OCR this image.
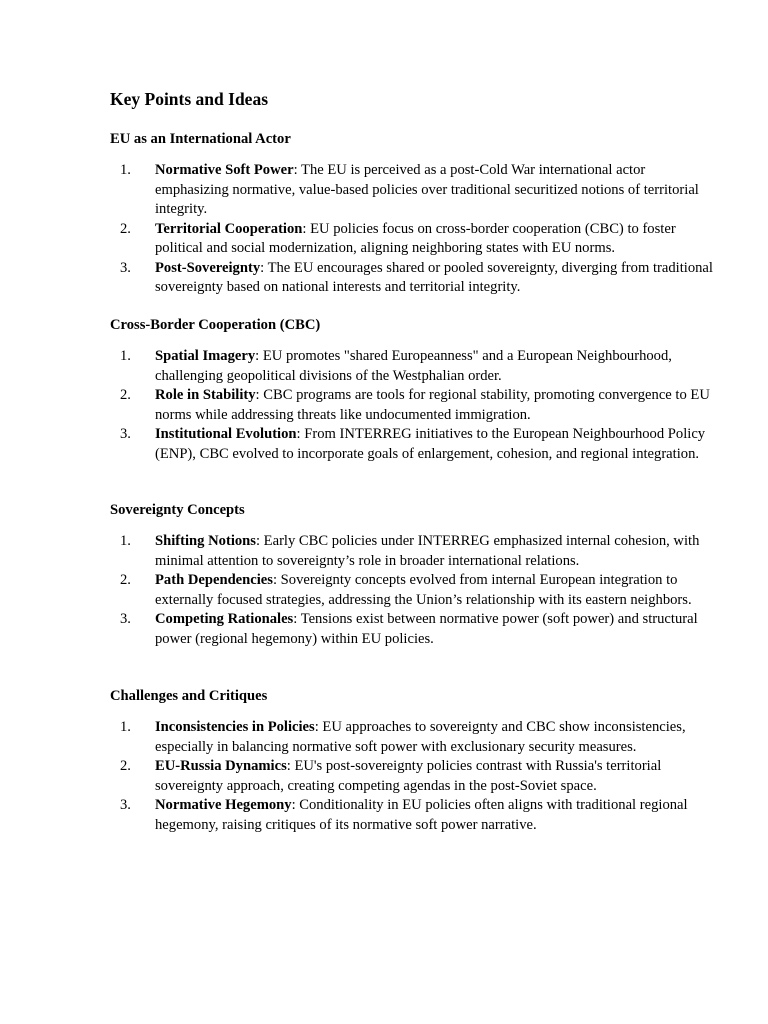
Key Points and Ideas
EU as an International Actor
1. Normative Soft Power: The EU is perceived as a post-Cold War international actor emphasizing normative, value-based policies over traditional securitized notions of territorial integrity.
2. Territorial Cooperation: EU policies focus on cross-border cooperation (CBC) to foster political and social modernization, aligning neighboring states with EU norms.
3. Post-Sovereignty: The EU encourages shared or pooled sovereignty, diverging from traditional sovereignty based on national interests and territorial integrity.
Cross-Border Cooperation (CBC)
1. Spatial Imagery: EU promotes "shared Europeanness" and a European Neighbourhood, challenging geopolitical divisions of the Westphalian order.
2. Role in Stability: CBC programs are tools for regional stability, promoting convergence to EU norms while addressing threats like undocumented immigration.
3. Institutional Evolution: From INTERREG initiatives to the European Neighbourhood Policy (ENP), CBC evolved to incorporate goals of enlargement, cohesion, and regional integration.
Sovereignty Concepts
1. Shifting Notions: Early CBC policies under INTERREG emphasized internal cohesion, with minimal attention to sovereignty’s role in broader international relations.
2. Path Dependencies: Sovereignty concepts evolved from internal European integration to externally focused strategies, addressing the Union’s relationship with its eastern neighbors.
3. Competing Rationales: Tensions exist between normative power (soft power) and structural power (regional hegemony) within EU policies.
Challenges and Critiques
1. Inconsistencies in Policies: EU approaches to sovereignty and CBC show inconsistencies, especially in balancing normative soft power with exclusionary security measures.
2. EU-Russia Dynamics: EU's post-sovereignty policies contrast with Russia's territorial sovereignty approach, creating competing agendas in the post-Soviet space.
3. Normative Hegemony: Conditionality in EU policies often aligns with traditional regional hegemony, raising critiques of its normative soft power narrative.
